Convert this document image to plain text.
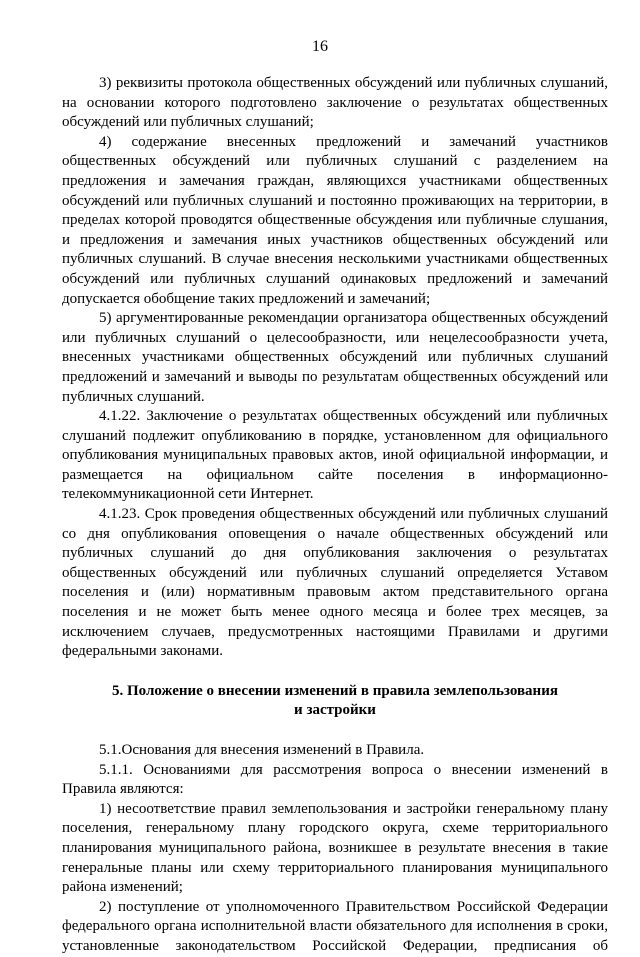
16

3) реквизиты протокола общественных обсуждений или публичных слушаний, на основании которого подготовлено заключение о результатах общественных обсуждений или публичных слушаний;

4) содержание внесенных предложений и замечаний участников общественных обсуждений или публичных слушаний с разделением на предложения и замечания граждан, являющихся участниками общественных обсуждений или публичных слушаний и постоянно проживающих на территории, в пределах которой проводятся общественные обсуждения или публичные слушания, и предложения и замечания иных участников общественных обсуждений или публичных слушаний. В случае внесения несколькими участниками общественных обсуждений или публичных слушаний одинаковых предложений и замечаний допускается обобщение таких предложений и замечаний;

5) аргументированные рекомендации организатора общественных обсуждений или публичных слушаний о целесообразности, или нецелесообразности учета, внесенных участниками общественных обсуждений или публичных слушаний предложений и замечаний и выводы по результатам общественных обсуждений или публичных слушаний.

4.1.22. Заключение о результатах общественных обсуждений или публичных слушаний подлежит опубликованию в порядке, установленном для официального опубликования муниципальных правовых актов, иной официальной информации, и размещается на официальном сайте поселения в информационно-телекоммуникационной сети Интернет.

4.1.23. Срок проведения общественных обсуждений или публичных слушаний со дня опубликования оповещения о начале общественных обсуждений или публичных слушаний до дня опубликования заключения о результатах общественных обсуждений или публичных слушаний определяется Уставом поселения и (или) нормативным правовым актом представительного органа поселения и не может быть менее одного месяца и более трех месяцев, за исключением случаев, предусмотренных настоящими Правилами и другими федеральными законами.

5. Положение о внесении изменений в правила землепользования
и застройки

5.1.Основания для внесения изменений в Правила.

5.1.1. Основаниями для рассмотрения вопроса о внесении изменений в Правила являются:

1) несоответствие правил землепользования и застройки генеральному плану поселения, генеральному плану городского округа, схеме территориального планирования муниципального района, возникшее в результате внесения в такие генеральные планы или схему территориального планирования муниципального района изменений;

2) поступление от уполномоченного Правительством Российской Федерации федерального органа исполнительной власти обязательного для исполнения в сроки, установленные законодательством Российской Федерации, предписания об
